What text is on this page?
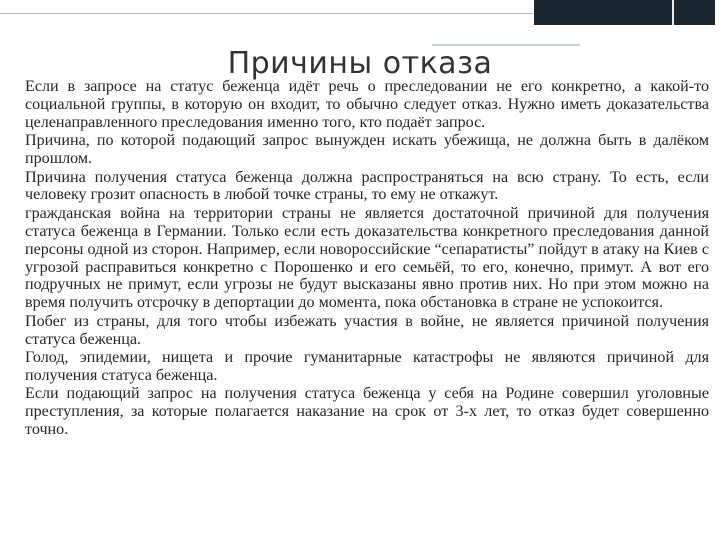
Причины отказа

Если в запросе на статус беженца идёт речь о преследовании не его конкретно, а какой-то социальной группы, в которую он входит, то обычно следует отказ. Нужно иметь доказательства целенаправленного преследования именно того, кто подаёт запрос.

Причина, по которой подающий запрос вынужден искать убежища, не должна быть в далёком прошлом.

Причина получения статуса беженца должна распространяться на всю страну. То есть, если человеку грозит опасность в любой точке страны, то ему не откажут.

гражданская война на территории страны не является достаточной причиной для получения статуса беженца в Германии. Только если есть доказательства конкретного преследования данной персоны одной из сторон. Например, если новороссийские “сепаратисты” пойдут в атаку на Киев с угрозой расправиться конкретно с Порошенко и его семьёй, то его, конечно, примут. А вот его подручных не примут, если угрозы не будут высказаны явно против них. Но при этом можно на время получить отсрочку в депортации до момента, пока обстановка в стране не успокоится.

Побег из страны, для того чтобы избежать участия в войне, не является причиной получения статуса беженца.

Голод, эпидемии, нищета и прочие гуманитарные катастрофы не являются причиной для получения статуса беженца.

Если подающий запрос на получения статуса беженца у себя на Родине совершил уголовные преступления, за которые полагается наказание на срок от 3-х лет, то отказ будет совершенно точно.
